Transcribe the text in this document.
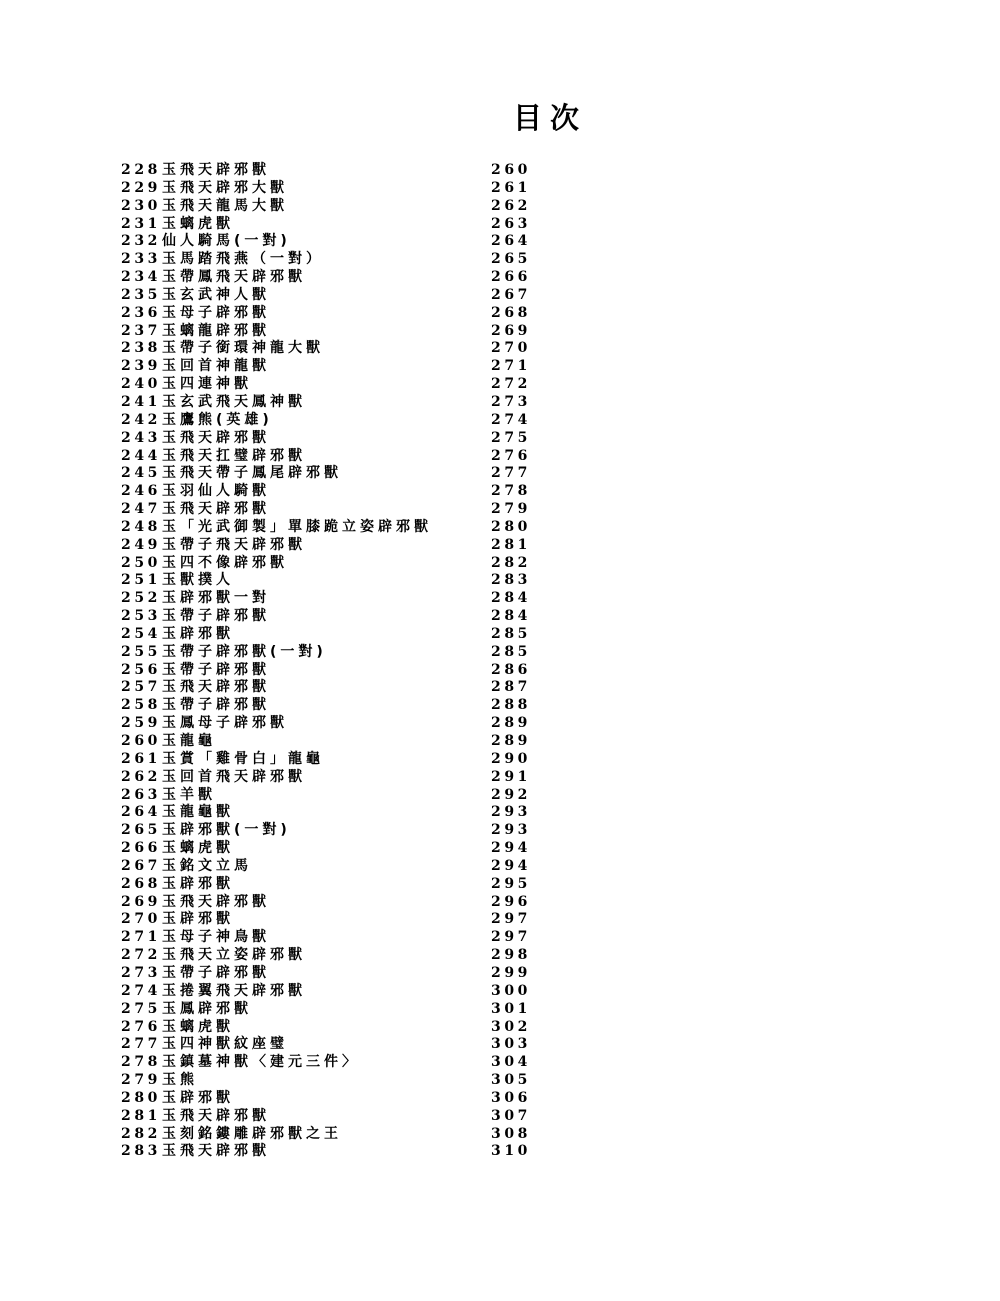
目次
228 玉飛天辟邪獸	260
229 玉飛天辟邪大獸	261
230 玉飛天龍馬大獸	262
231 玉螭虎獸	263
232 仙人騎馬(一對)	264
233 玉馬踏飛燕（一對）	265
234 玉帶鳳飛天辟邪獸	266
235 玉玄武神人獸	267
236 玉母子辟邪獸	268
237 玉螭龍辟邪獸	269
238 玉帶子銜環神龍大獸	270
239 玉回首神龍獸	271
240 玉四連神獸	272
241 玉玄武飛天鳳神獸	273
242 玉鷹熊(英雄)	274
243 玉飛天辟邪獸	275
244 玉飛天扛璧辟邪獸	276
245 玉飛天帶子鳳尾辟邪獸	277
246 玉羽仙人騎獸	278
247 玉飛天辟邪獸	279
248 玉「光武御製」單膝跪立姿辟邪獸	280
249 玉帶子飛天辟邪獸	281
250 玉四不像辟邪獸	282
251 玉獸撲人	283
252 玉辟邪獸一對	284
253 玉帶子辟邪獸	284
254 玉辟邪獸	285
255 玉帶子辟邪獸(一對)	285
256 玉帶子辟邪獸	286
257 玉飛天辟邪獸	287
258 玉帶子辟邪獸	288
259 玉鳳母子辟邪獸	289
260 玉龍龜	289
261 玉賞「雞骨白」龍龜	290
262 玉回首飛天辟邪獸	291
263 玉羊獸	292
264 玉龍龜獸	293
265 玉辟邪獸(一對)	293
266 玉螭虎獸	294
267 玉銘文立馬	294
268 玉辟邪獸	295
269 玉飛天辟邪獸	296
270 玉辟邪獸	297
271 玉母子神鳥獸	297
272 玉飛天立姿辟邪獸	298
273 玉帶子辟邪獸	299
274 玉捲翼飛天辟邪獸	300
275 玉鳳辟邪獸	301
276 玉螭虎獸	302
277 玉四神獸紋座璧	303
278 玉鎮墓神獸〈建元三件〉	304
279 玉熊	305
280 玉辟邪獸	306
281 玉飛天辟邪獸	307
282 玉刻銘鏤雕辟邪獸之王	308
283 玉飛天辟邪獸	310
